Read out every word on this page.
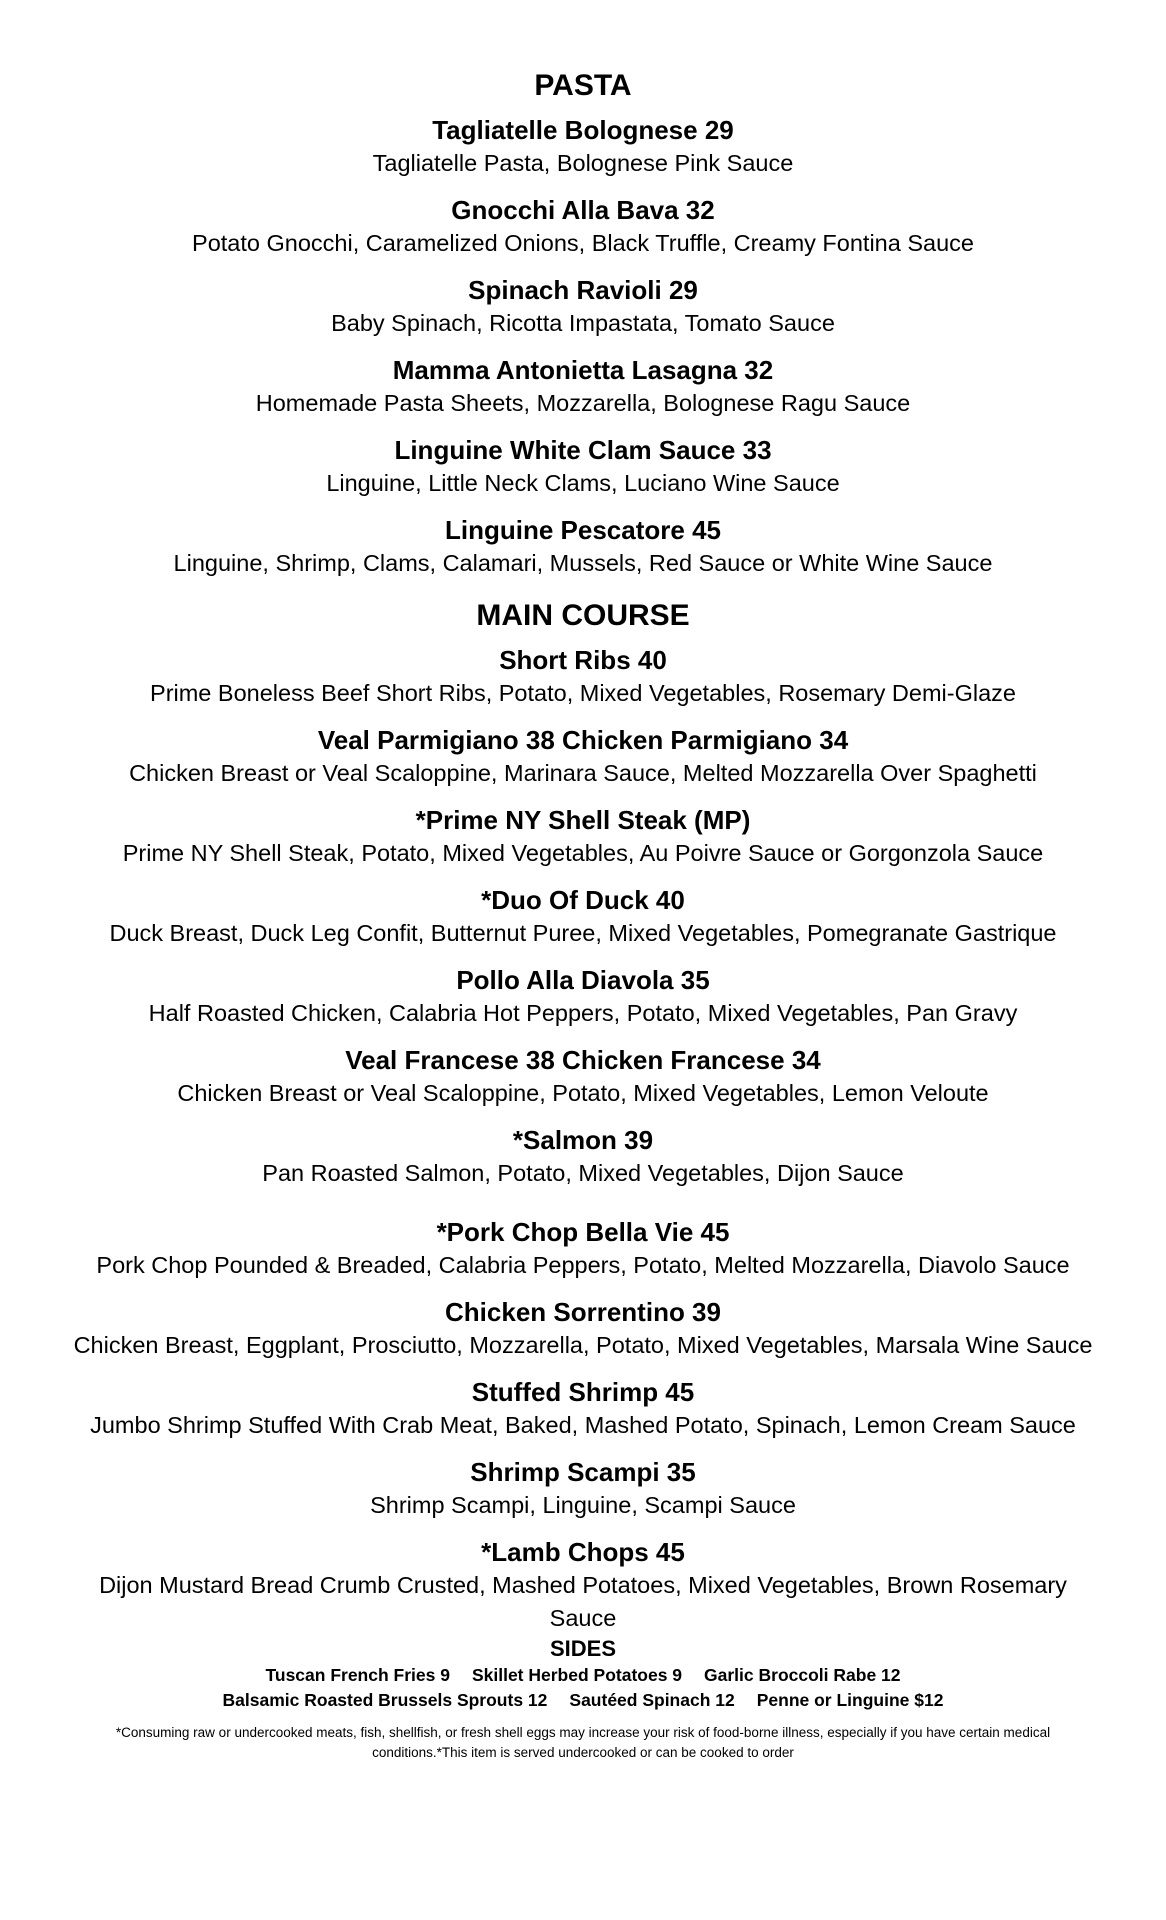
PASTA
Tagliatelle Bolognese 29
Tagliatelle Pasta, Bolognese Pink Sauce
Gnocchi Alla Bava 32
Potato Gnocchi, Caramelized Onions, Black Truffle, Creamy Fontina Sauce
Spinach Ravioli 29
Baby Spinach, Ricotta Impastata, Tomato Sauce
Mamma Antonietta Lasagna 32
Homemade Pasta Sheets, Mozzarella, Bolognese Ragu Sauce
Linguine White Clam Sauce 33
Linguine, Little Neck Clams, Luciano Wine Sauce
Linguine Pescatore 45
Linguine, Shrimp, Clams, Calamari, Mussels, Red Sauce or White Wine Sauce
MAIN COURSE
Short Ribs 40
Prime Boneless Beef Short Ribs, Potato, Mixed Vegetables, Rosemary Demi-Glaze
Veal Parmigiano 38 Chicken Parmigiano 34
Chicken Breast or Veal Scaloppine, Marinara Sauce, Melted Mozzarella Over Spaghetti
*Prime NY Shell Steak (MP)
Prime NY Shell Steak, Potato, Mixed Vegetables, Au Poivre Sauce or Gorgonzola Sauce
*Duo Of Duck 40
Duck Breast, Duck Leg Confit, Butternut Puree, Mixed Vegetables, Pomegranate Gastrique
Pollo Alla Diavola 35
Half Roasted Chicken, Calabria Hot Peppers, Potato, Mixed Vegetables, Pan Gravy
Veal Francese 38 Chicken Francese 34
Chicken Breast or Veal Scaloppine, Potato, Mixed Vegetables, Lemon Veloute
*Salmon 39
Pan Roasted Salmon, Potato, Mixed Vegetables, Dijon Sauce
*Pork Chop Bella Vie 45
Pork Chop Pounded & Breaded, Calabria Peppers, Potato, Melted Mozzarella, Diavolo Sauce
Chicken Sorrentino 39
Chicken Breast, Eggplant, Prosciutto, Mozzarella, Potato, Mixed Vegetables, Marsala Wine Sauce
Stuffed Shrimp 45
Jumbo Shrimp Stuffed With Crab Meat, Baked, Mashed Potato, Spinach, Lemon Cream Sauce
Shrimp Scampi 35
Shrimp Scampi, Linguine, Scampi Sauce
*Lamb Chops 45
Dijon Mustard Bread Crumb Crusted, Mashed Potatoes, Mixed Vegetables, Brown Rosemary Sauce
SIDES
Tuscan French Fries 9 Skillet Herbed Potatoes 9 Garlic Broccoli Rabe 12
Balsamic Roasted Brussels Sprouts 12 Sautéed Spinach 12 Penne or Linguine $12
*Consuming raw or undercooked meats, fish, shellfish, or fresh shell eggs may increase your risk of food-borne illness, especially if you have certain medical conditions.*This item is served undercooked or can be cooked to order
